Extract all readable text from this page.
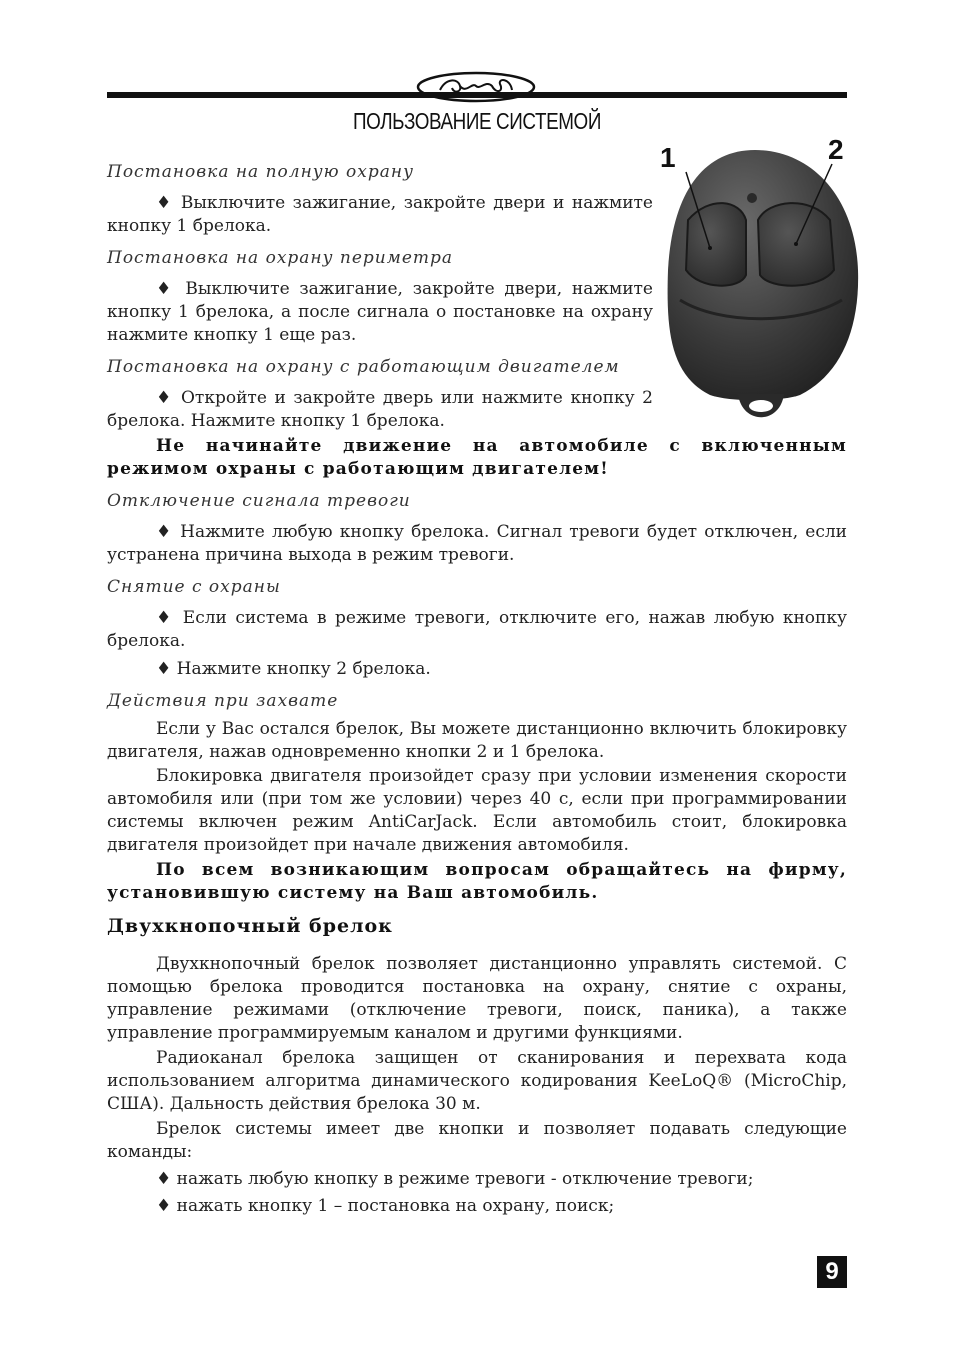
ПОЛЬЗОВАНИЕ СИСТЕМОЙ
1	2
Постановка на полную охрану

♦ Выключите зажигание, закройте двери и нажмите кнопку 1 брелока.

Постановка на охрану периметра

♦ Выключите зажигание, закройте двери, нажмите кнопку 1 брелока, а после сигнала о постановке на охрану нажмите кнопку 1 еще раз.

Постановка на охрану с работающим двигателем

♦ Откройте и закройте дверь или нажмите кнопку 2 брелока. Нажмите кнопку 1 брелока.

Не начинайте движение на автомобиле с включенным режимом охраны с работающим двигателем!

Отключение сигнала тревоги

♦ Нажмите любую кнопку брелока. Сигнал тревоги будет отключен, если устранена причина выхода в режим тревоги.

Снятие с охраны

♦ Если система в режиме тревоги, отключите его, нажав любую кнопку брелока.

♦ Нажмите кнопку 2 брелока.

Действия при захвате

Если у Вас остался брелок, Вы можете дистанционно включить блокировку двигателя, нажав одновременно кнопки 2 и 1 брелока.

Блокировка двигателя произойдет сразу при условии изменения скорости автомобиля или (при том же условии) через 40 с, если при программировании системы включен режим AntiCarJack. Если автомобиль стоит, блокировка двигателя произойдет при начале движения автомобиля.

По всем возникающим вопросам обращайтесь на фирму, установившую систему на Ваш автомобиль.

Двухкнопочный брелок

Двухкнопочный брелок позволяет дистанционно управлять системой. С помощью брелока проводится постановка на охрану, снятие с охраны, управление режимами (отключение тревоги, поиск, паника), а также управление программируемым каналом и другими функциями.

Радиоканал брелока защищен от сканирования и перехвата кода использованием алгоритма динамического кодирования KeeLoQ® (MicroChip, США). Дальность действия брелока 30 м.

Брелок системы имеет две кнопки и позволяет подавать следующие команды:

♦ нажать любую кнопку в режиме тревоги - отключение тревоги;

♦ нажать кнопку 1 – постановка на охрану, поиск;

9
